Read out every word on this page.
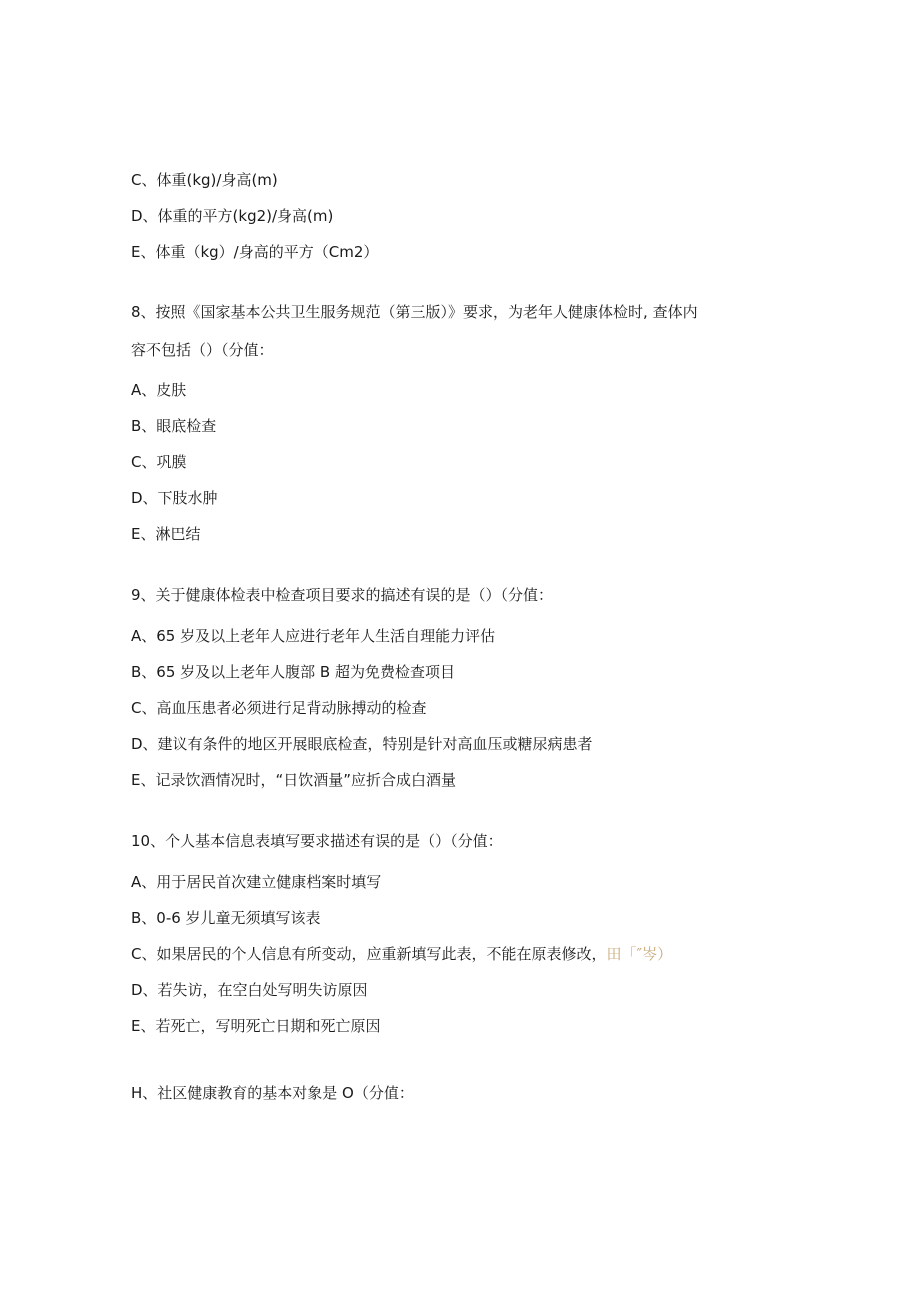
C、体重(kg)/身高(m)

D、体重的平方(kg2)/身高(m)

E、体重（kg）/身高的平方（Cm2）

8、按照《国家基本公共卫生服务规范（第三版）》要求，为老年人健康体检时, 查体内

容不包括（）（分值：

A、皮肤

B、眼底检查

C、巩膜

D、下肢水肿

E、淋巴结

9、关于健康体检表中检查项目要求的搞述有误的是（）（分值：

A、65 岁及以上老年人应进行老年人生活自理能力评估

B、65 岁及以上老年人腹部 B 超为免费检查项目

C、高血压患者必须进行足背动脉搏动的检查

D、建议有条件的地区开展眼底检查，特别是针对高血压或糖尿病患者

E、记录饮酒情况时，“日饮酒量”应折合成白酒量

10、个人基本信息表填写要求描述有误的是（）（分值：

A、用于居民首次建立健康档案时填写

B、0-6 岁儿童无须填写该表

C、如果居民的个人信息有所变动，应重新填写此表，不能在原表修改，田「″岑）

D、若失访，在空白处写明失访原因

E、若死亡，写明死亡日期和死亡原因

H、社区健康教育的基本对象是 O（分值：
